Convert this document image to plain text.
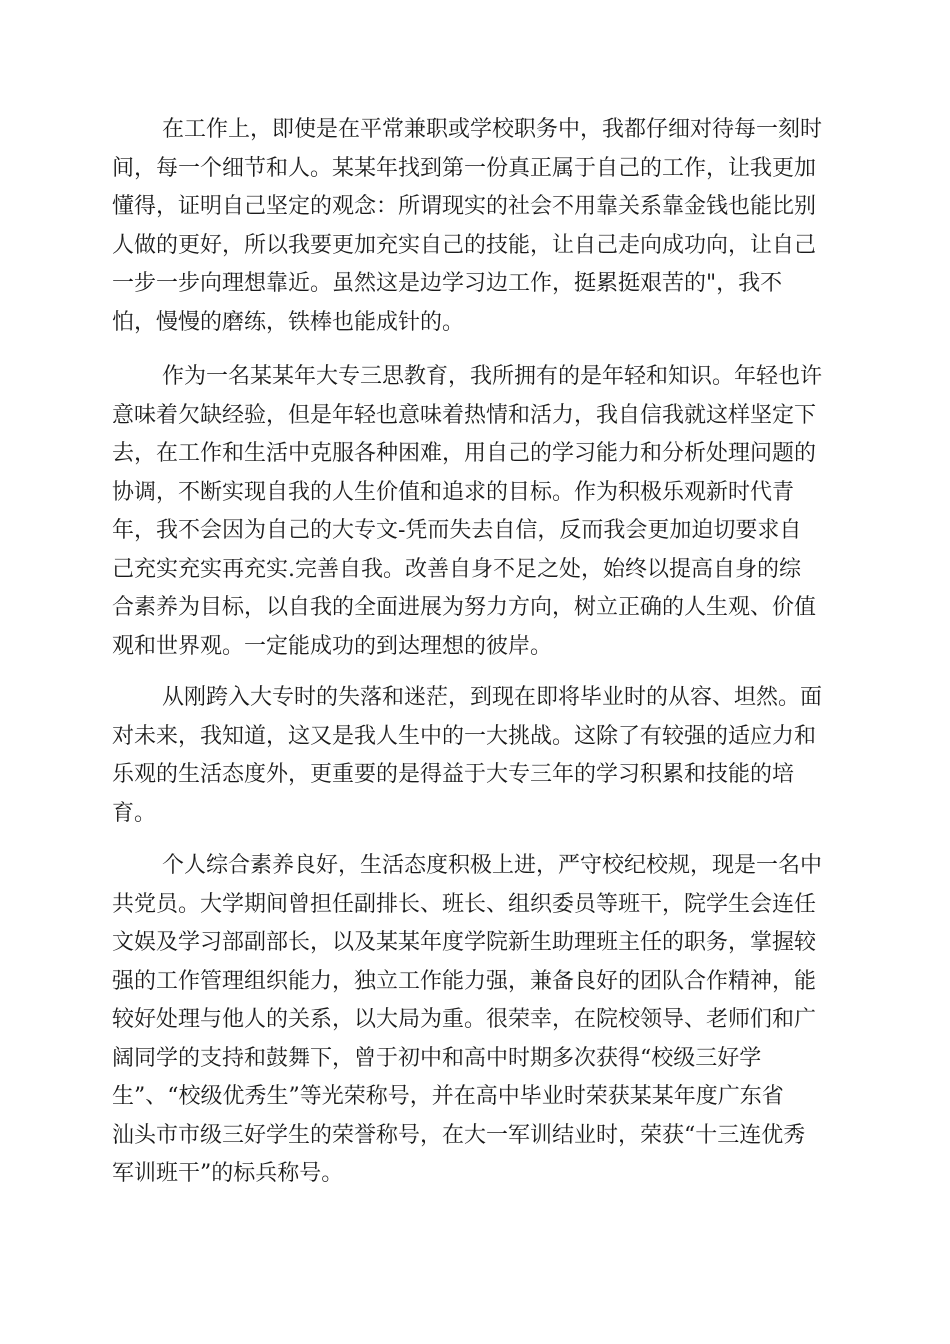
在工作上，即使是在平常兼职或学校职务中，我都仔细对待每一刻时
间，每一个细节和人。某某年找到第一份真正属于自己的工作，让我更加
懂得，证明自己坚定的观念：所谓现实的社会不用靠关系靠金钱也能比别
人做的更好，所以我要更加充实自己的技能，让自己走向成功向，让自己
一步一步向理想靠近。虽然这是边学习边工作，挺累挺艰苦的"，我不
怕，慢慢的磨练，铁棒也能成针的。
作为一名某某年大专三思教育，我所拥有的是年轻和知识。年轻也许
意味着欠缺经验，但是年轻也意味着热情和活力，我自信我就这样坚定下
去，在工作和生活中克服各种困难，用自己的学习能力和分析处理问题的
协调，不断实现自我的人生价值和追求的目标。作为积极乐观新时代青
年，我不会因为自己的大专文-凭而失去自信，反而我会更加迫切要求自
己充实充实再充实.完善自我。改善自身不足之处，始终以提高自身的综
合素养为目标，以自我的全面进展为努力方向，树立正确的人生观、价值
观和世界观。一定能成功的到达理想的彼岸。
从刚跨入大专时的失落和迷茫，到现在即将毕业时的从容、坦然。面
对未来，我知道，这又是我人生中的一大挑战。这除了有较强的适应力和
乐观的生活态度外，更重要的是得益于大专三年的学习积累和技能的培
育。
个人综合素养良好，生活态度积极上进，严守校纪校规，现是一名中
共党员。大学期间曾担任副排长、班长、组织委员等班干，院学生会连任
文娱及学习部副部长，以及某某年度学院新生助理班主任的职务，掌握较
强的工作管理组织能力，独立工作能力强，兼备良好的团队合作精神，能
较好处理与他人的关系，以大局为重。很荣幸，在院校领导、老师们和广
阔同学的支持和鼓舞下，曾于初中和高中时期多次获得“校级三好学
生”、“校级优秀生”等光荣称号，并在高中毕业时荣获某某年度广东省
汕头市市级三好学生的荣誉称号，在大一军训结业时，荣获“十三连优秀
军训班干”的标兵称号。
